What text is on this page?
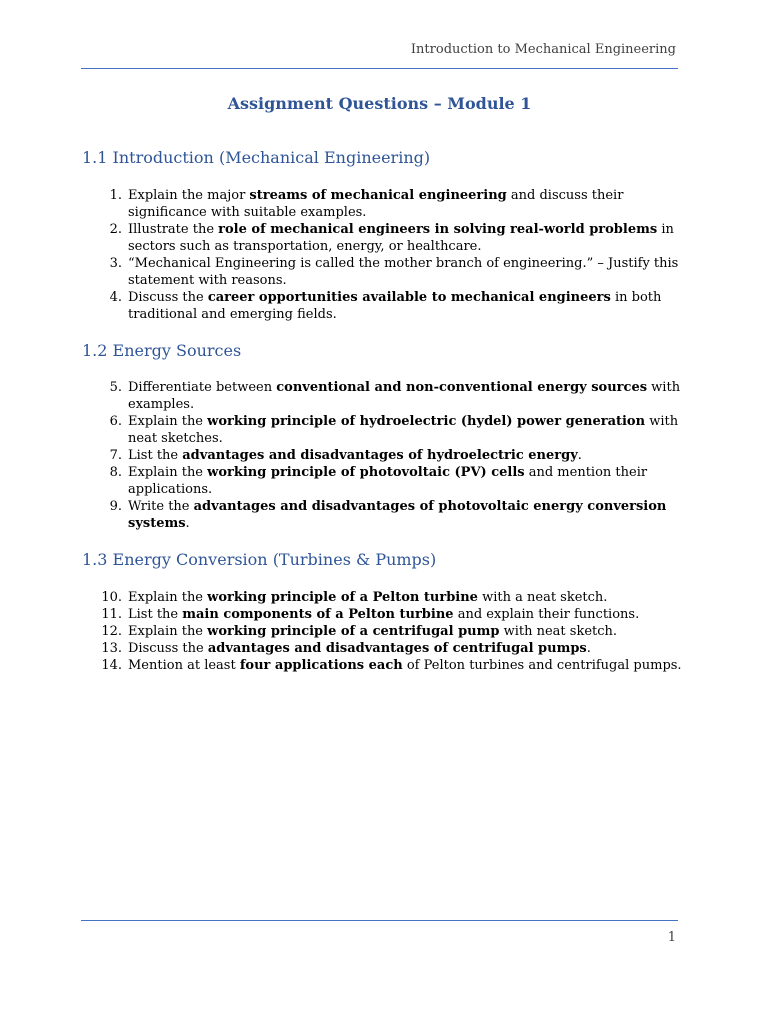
Introduction to Mechanical Engineering
Assignment Questions – Module 1
1.1 Introduction (Mechanical Engineering)
1. Explain the major streams of mechanical engineering and discuss their significance with suitable examples.
2. Illustrate the role of mechanical engineers in solving real-world problems in sectors such as transportation, energy, or healthcare.
3. “Mechanical Engineering is called the mother branch of engineering.” – Justify this statement with reasons.
4. Discuss the career opportunities available to mechanical engineers in both traditional and emerging fields.
1.2 Energy Sources
5. Differentiate between conventional and non-conventional energy sources with examples.
6. Explain the working principle of hydroelectric (hydel) power generation with neat sketches.
7. List the advantages and disadvantages of hydroelectric energy.
8. Explain the working principle of photovoltaic (PV) cells and mention their applications.
9. Write the advantages and disadvantages of photovoltaic energy conversion systems.
1.3 Energy Conversion (Turbines & Pumps)
10. Explain the working principle of a Pelton turbine with a neat sketch.
11. List the main components of a Pelton turbine and explain their functions.
12. Explain the working principle of a centrifugal pump with neat sketch.
13. Discuss the advantages and disadvantages of centrifugal pumps.
14. Mention at least four applications each of Pelton turbines and centrifugal pumps.
1
